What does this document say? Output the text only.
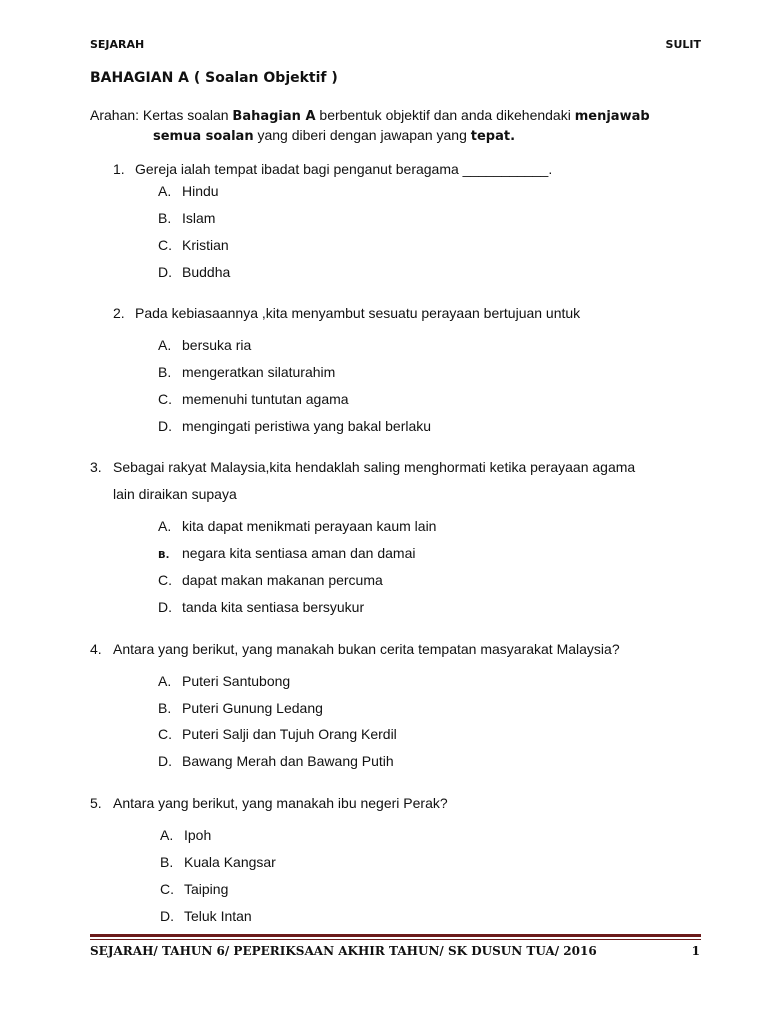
SEJARAH	SULIT
BAHAGIAN A ( Soalan Objektif )
Arahan: Kertas soalan Bahagian A berbentuk objektif dan anda dikehendaki menjawab
semua soalan yang diberi dengan jawapan yang tepat.
1. Gereja ialah tempat ibadat bagi penganut beragama ___________.
A. Hindu
B. Islam
C. Kristian
D. Buddha
2. Pada kebiasaannya ,kita menyambut sesuatu perayaan bertujuan untuk
A. bersuka ria
B. mengeratkan silaturahim
C. memenuhi tuntutan agama
D. mengingati peristiwa yang bakal berlaku
3. Sebagai rakyat Malaysia,kita hendaklah saling menghormati ketika perayaan agama
lain diraikan supaya
A. kita dapat menikmati perayaan kaum lain
B. negara kita sentiasa aman dan damai
C. dapat makan makanan percuma
D. tanda kita sentiasa bersyukur
4. Antara yang berikut, yang manakah bukan cerita tempatan masyarakat Malaysia?
A. Puteri Santubong
B. Puteri Gunung Ledang
C. Puteri Salji dan Tujuh Orang Kerdil
D. Bawang Merah dan Bawang Putih
5. Antara yang berikut, yang manakah ibu negeri Perak?
A. Ipoh
B. Kuala Kangsar
C. Taiping
D. Teluk Intan
SEJARAH/ TAHUN 6/ PEPERIKSAAN AKHIR TAHUN/ SK DUSUN TUA/ 2016	1
